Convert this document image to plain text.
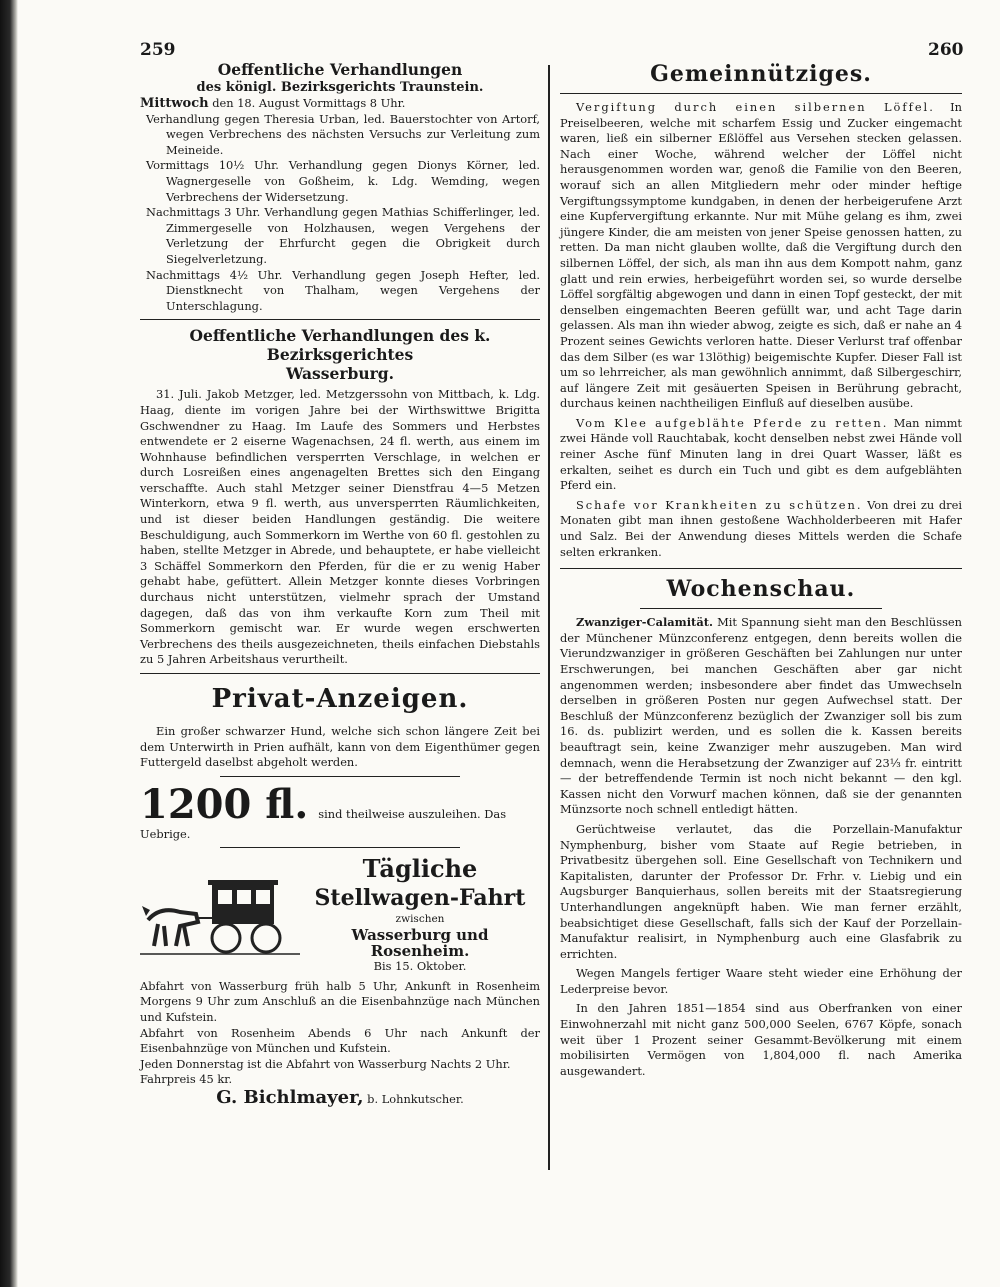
259	260
Oeffentliche Verhandlungen
des königl. Bezirksgerichts Traunstein.

Mittwoch den 18. August Vormittags 8 Uhr.

Verhandlung gegen Theresia Urban, led. Bauerstochter von Artorf, wegen Verbrechens des nächsten Versuchs zur Verleitung zum Meineide.

Vormittags 10½ Uhr. Verhandlung gegen Dionys Körner, led. Wagnergeselle von Goßheim, k. Ldg. Wemding, wegen Verbrechens der Widersetzung.

Nachmittags 3 Uhr. Verhandlung gegen Mathias Schifferlinger, led. Zimmergeselle von Holzhausen, wegen Vergehens der Verletzung der Ehrfurcht gegen die Obrigkeit durch Siegelverletzung.

Nachmittags 4½ Uhr. Verhandlung gegen Joseph Hefter, led. Dienstknecht von Thalham, wegen Vergehens der Unterschlagung.

Oeffentliche Verhandlungen des k. Bezirksgerichtes
Wasserburg.

31. Juli. Jakob Metzger, led. Metzgerssohn von Mittbach, k. Ldg. Haag, diente im vorigen Jahre bei der Wirthswittwe Brigitta Gschwendner zu Haag. Im Laufe des Sommers und Herbstes entwendete er 2 eiserne Wagenachsen, 24 fl. werth, aus einem im Wohnhause befindlichen versperrten Verschlage, in welchen er durch Losreißen eines angenagelten Brettes sich den Eingang verschaffte. Auch stahl Metzger seiner Dienstfrau 4—5 Metzen Winterkorn, etwa 9 fl. werth, aus unversperrten Räumlichkeiten, und ist dieser beiden Handlungen geständig. Die weitere Beschuldigung, auch Sommerkorn im Werthe von 60 fl. gestohlen zu haben, stellte Metzger in Abrede, und behauptete, er habe vielleicht 3 Schäffel Sommerkorn den Pferden, für die er zu wenig Haber gehabt habe, gefüttert. Allein Metzger konnte dieses Vorbringen durchaus nicht unterstützen, vielmehr sprach der Umstand dagegen, daß das von ihm verkaufte Korn zum Theil mit Sommerkorn gemischt war. Er wurde wegen erschwerten Verbrechens des theils ausgezeichneten, theils einfachen Diebstahls zu 5 Jahren Arbeitshaus verurtheilt.

Privat-Anzeigen.

Ein großer schwarzer Hund, welche sich schon längere Zeit bei dem Unterwirth in Prien aufhält, kann von dem Eigenthümer gegen Futtergeld daselbst abgeholt werden.

1200 fl. sind theilweise auszuleihen. Das Uebrige.
Tägliche
Stellwagen-Fahrt
zwischen
Wasserburg und Rosenheim.
Bis 15. Oktober.

Abfahrt von Wasserburg früh halb 5 Uhr, Ankunft in Rosenheim Morgens 9 Uhr zum Anschluß an die Eisenbahnzüge nach München und Kufstein.

Abfahrt von Rosenheim Abends 6 Uhr nach Ankunft der Eisenbahnzüge von München und Kufstein.

Jeden Donnerstag ist die Abfahrt von Wasserburg Nachts 2 Uhr.

Fahrpreis 45 kr.

G. Bichlmayer, b. Lohnkutscher.
Gemeinnütziges.

Vergiftung durch einen silbernen Löffel. In Preiselbeeren, welche mit scharfem Essig und Zucker eingemacht waren, ließ ein silberner Eßlöffel aus Versehen stecken gelassen. Nach einer Woche, während welcher der Löffel nicht herausgenommen worden war, genoß die Familie von den Beeren, worauf sich an allen Mitgliedern mehr oder minder heftige Vergiftungssymptome kundgaben, in denen der herbeigerufene Arzt eine Kupfervergiftung erkannte. Nur mit Mühe gelang es ihm, zwei jüngere Kinder, die am meisten von jener Speise genossen hatten, zu retten. Da man nicht glauben wollte, daß die Vergiftung durch den silbernen Löffel, der sich, als man ihn aus dem Kompott nahm, ganz glatt und rein erwies, herbeigeführt worden sei, so wurde derselbe Löffel sorgfältig abgewogen und dann in einen Topf gesteckt, der mit denselben eingemachten Beeren gefüllt war, und acht Tage darin gelassen. Als man ihn wieder abwog, zeigte es sich, daß er nahe an 4 Prozent seines Gewichts verloren hatte. Dieser Verlurst traf offenbar das dem Silber (es war 13löthig) beigemischte Kupfer. Dieser Fall ist um so lehrreicher, als man gewöhnlich annimmt, daß Silbergeschirr, auf längere Zeit mit gesäuerten Speisen in Berührung gebracht, durchaus keinen nachtheiligen Einfluß auf dieselben ausübe.

Vom Klee aufgeblähte Pferde zu retten. Man nimmt zwei Hände voll Rauchtabak, kocht denselben nebst zwei Hände voll reiner Asche fünf Minuten lang in drei Quart Wasser, läßt es erkalten, seihet es durch ein Tuch und gibt es dem aufgeblähten Pferd ein.

Schafe vor Krankheiten zu schützen. Von drei zu drei Monaten gibt man ihnen gestoßene Wachholderbeeren mit Hafer und Salz. Bei der Anwendung dieses Mittels werden die Schafe selten erkranken.

Wochenschau.

Zwanziger-Calamität. Mit Spannung sieht man den Beschlüssen der Münchener Münzconferenz entgegen, denn bereits wollen die Vierundzwanziger in größeren Geschäften bei Zahlungen nur unter Erschwerungen, bei manchen Geschäften aber gar nicht angenommen werden; insbesondere aber findet das Umwechseln derselben in größeren Posten nur gegen Aufwechsel statt. Der Beschluß der Münzconferenz bezüglich der Zwanziger soll bis zum 16. ds. publizirt werden, und es sollen die k. Kassen bereits beauftragt sein, keine Zwanziger mehr auszugeben. Man wird demnach, wenn die Herabsetzung der Zwanziger auf 23⅓ fr. eintritt — der betreffendende Termin ist noch nicht bekannt — den kgl. Kassen nicht den Vorwurf machen können, daß sie der genannten Münzsorte noch schnell entledigt hätten.

Gerüchtweise verlautet, das die Porzellain-Manufaktur Nymphenburg, bisher vom Staate auf Regie betrieben, in Privatbesitz übergehen soll. Eine Gesellschaft von Technikern und Kapitalisten, darunter der Professor Dr. Frhr. v. Liebig und ein Augsburger Banquierhaus, sollen bereits mit der Staatsregierung Unterhandlungen angeknüpft haben. Wie man ferner erzählt, beabsichtiget diese Gesellschaft, falls sich der Kauf der Porzellain-Manufaktur realisirt, in Nymphenburg auch eine Glasfabrik zu errichten.

Wegen Mangels fertiger Waare steht wieder eine Erhöhung der Lederpreise bevor.

In den Jahren 1851—1854 sind aus Oberfranken von einer Einwohnerzahl mit nicht ganz 500,000 Seelen, 6767 Köpfe, sonach weit über 1 Prozent seiner Gesammt-Bevölkerung mit einem mobilisirten Vermögen von 1,804,000 fl. nach Amerika ausgewandert.
